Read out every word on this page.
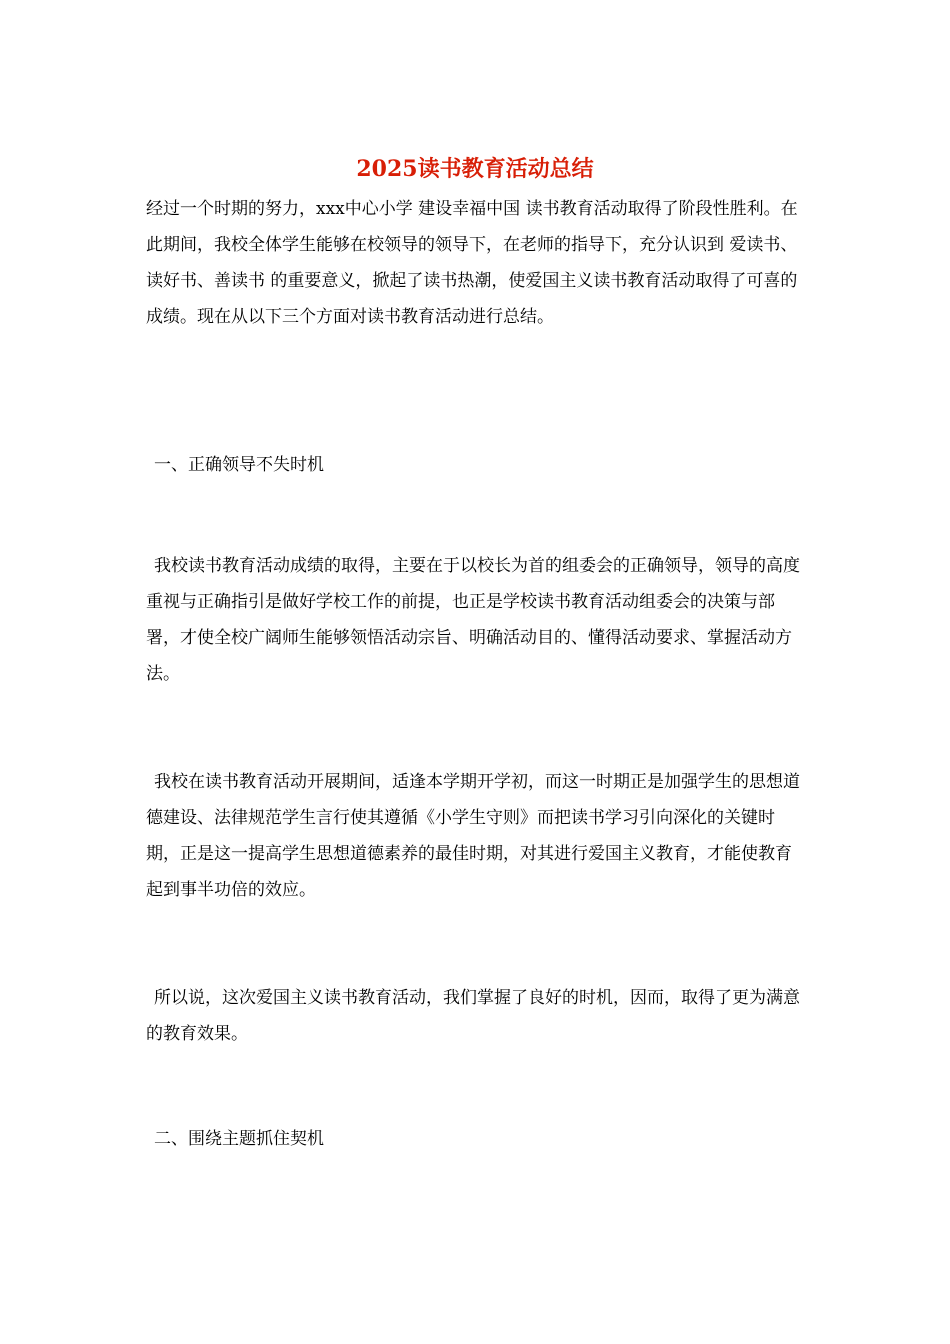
2025读书教育活动总结

经过一个时期的努力，xxx中心小学 建设幸福中国 读书教育活动取得了阶段性胜利。在此期间，我校全体学生能够在校领导的领导下，在老师的指导下，充分认识到 爱读书、读好书、善读书 的重要意义，掀起了读书热潮，使爱国主义读书教育活动取得了可喜的成绩。现在从以下三个方面对读书教育活动进行总结。

一、正确领导不失时机

我校读书教育活动成绩的取得，主要在于以校长为首的组委会的正确领导，领导的高度重视与正确指引是做好学校工作的前提，也正是学校读书教育活动组委会的决策与部署，才使全校广阔师生能够领悟活动宗旨、明确活动目的、懂得活动要求、掌握活动方法。

我校在读书教育活动开展期间，适逢本学期开学初，而这一时期正是加强学生的思想道德建设、法律规范学生言行使其遵循《小学生守则》而把读书学习引向深化的关键时期，正是这一提高学生思想道德素养的最佳时期，对其进行爱国主义教育，才能使教育起到事半功倍的效应。

所以说，这次爱国主义读书教育活动，我们掌握了良好的时机，因而，取得了更为满意的教育效果。

二、围绕主题抓住契机
